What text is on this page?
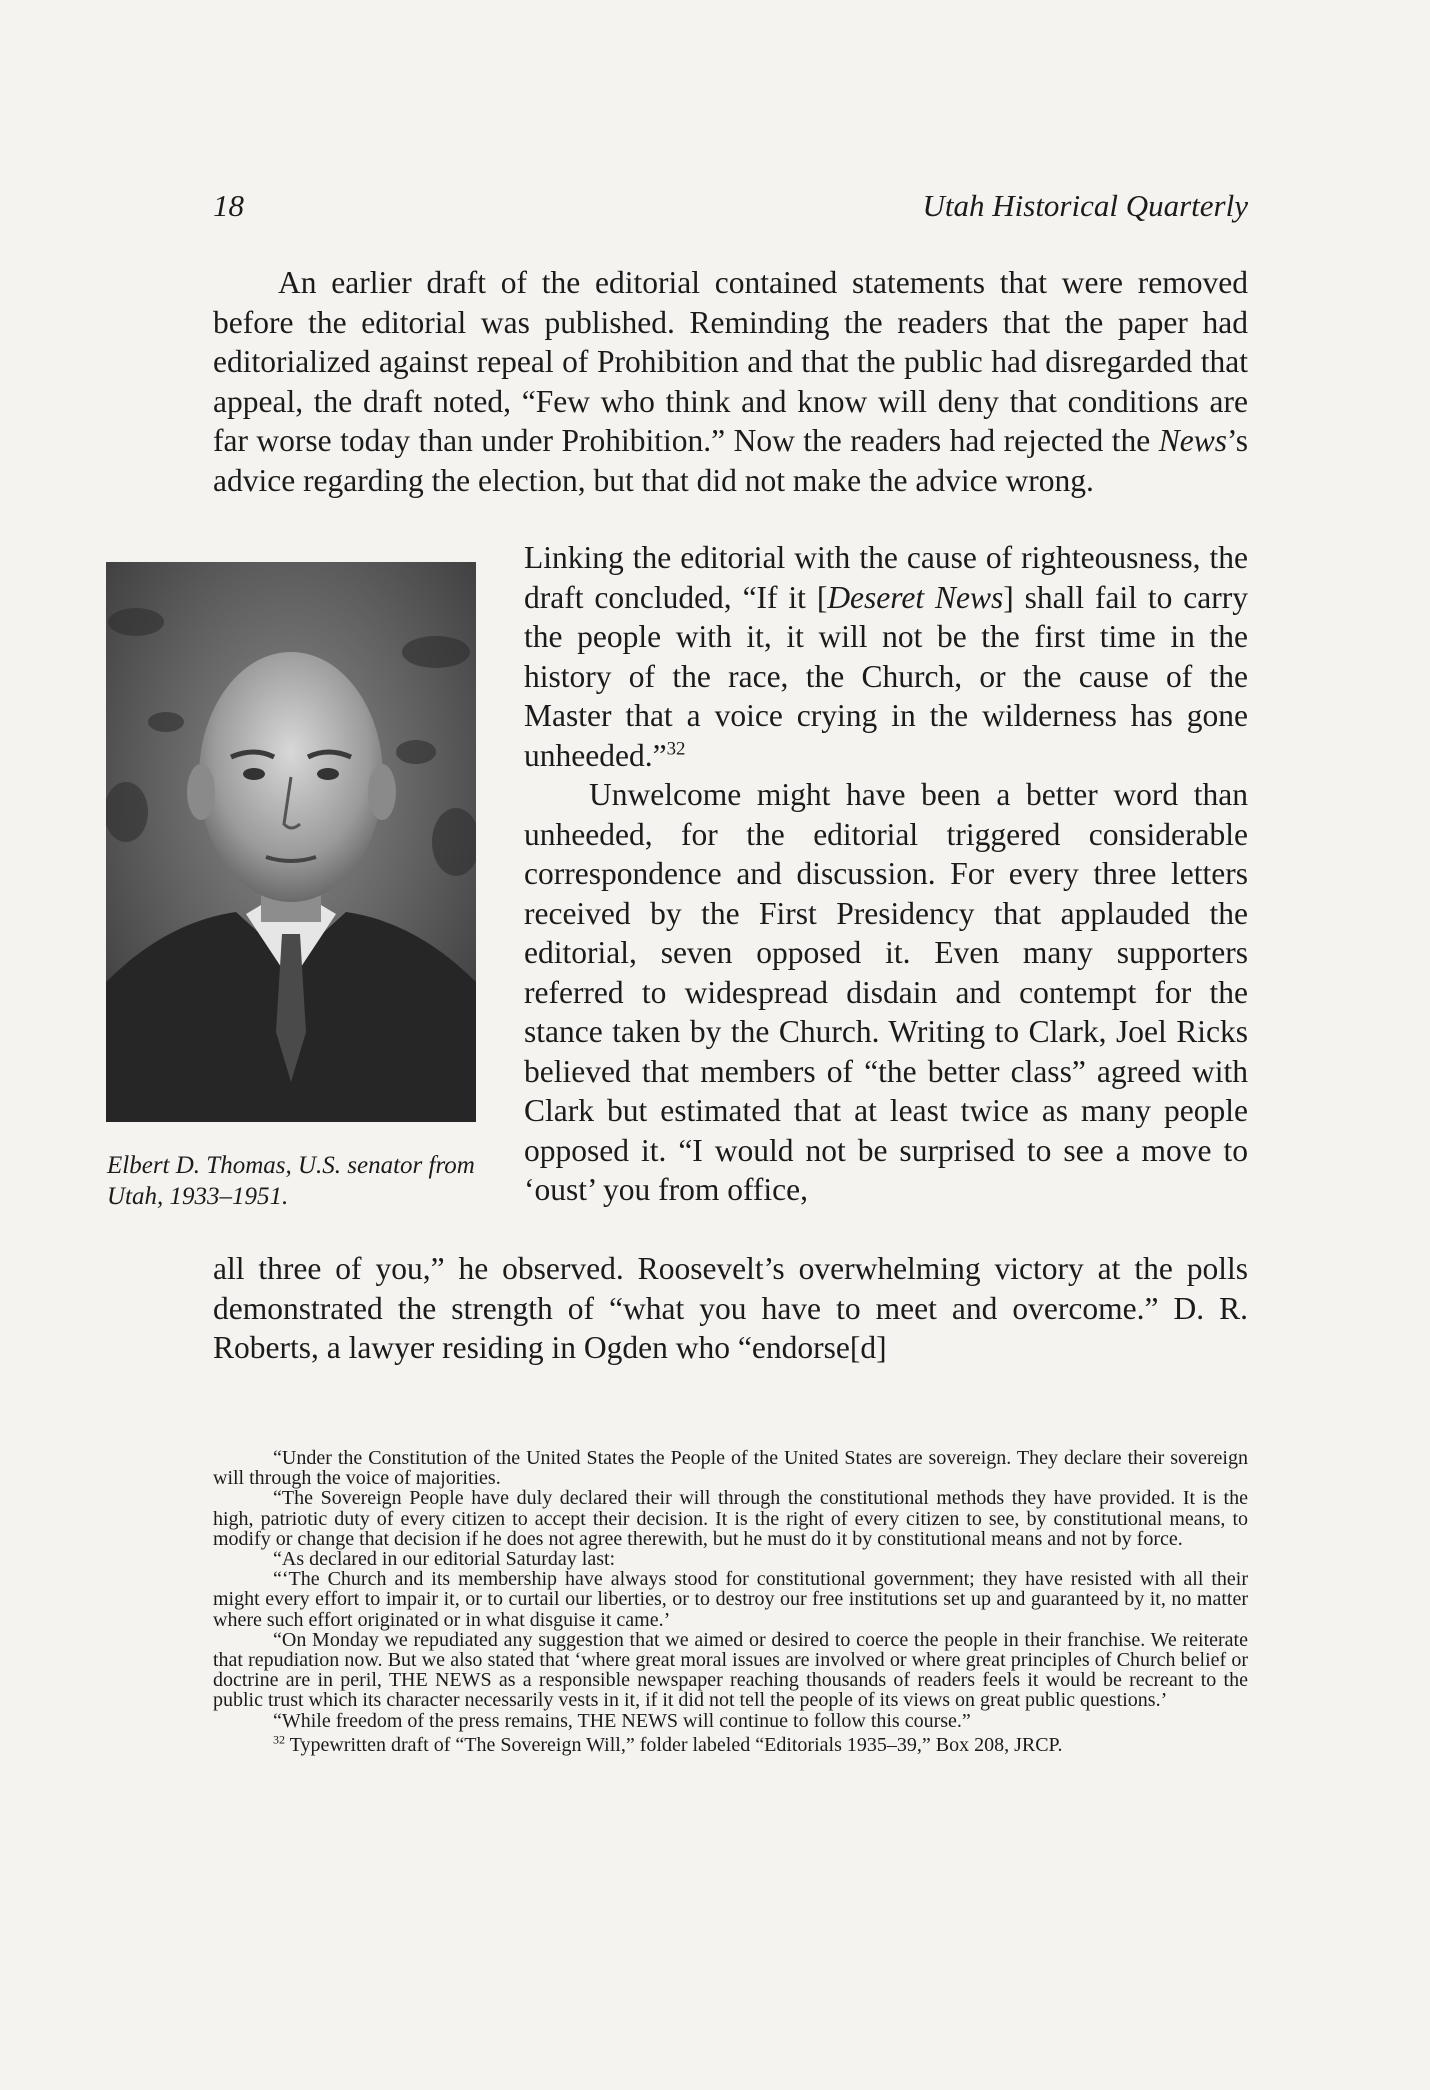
18	Utah Historical Quarterly

An earlier draft of the editorial contained statements that were removed before the editorial was published. Reminding the readers that the paper had editorialized against repeal of Prohibition and that the public had disregarded that appeal, the draft noted, “Few who think and know will deny that conditions are far worse today than under Prohibition.” Now the readers had rejected the News’s advice regarding the election, but that did not make the advice wrong.

Elbert D. Thomas, U.S. senator from Utah, 1933–1951.

Linking the editorial with the cause of righteousness, the draft concluded, “If it [Deseret News] shall fail to carry the people with it, it will not be the first time in the history of the race, the Church, or the cause of the Master that a voice crying in the wilderness has gone unheeded.”$^{32}$

Unwelcome might have been a better word than unheeded, for the editorial triggered considerable correspondence and discussion. For every three letters received by the First Presidency that applauded the editorial, seven opposed it. Even many supporters referred to widespread disdain and contempt for the stance taken by the Church. Writing to Clark, Joel Ricks believed that members of “the better class” agreed with Clark but estimated that at least twice as many people opposed it. “I would not be surprised to see a move to ‘oust’ you from office,

all three of you,” he observed. Roosevelt’s overwhelming victory at the polls demonstrated the strength of “what you have to meet and overcome.” D. R. Roberts, a lawyer residing in Ogden who “endorse[d]

“Under the Constitution of the United States the People of the United States are sovereign. They declare their sovereign will through the voice of majorities.

“The Sovereign People have duly declared their will through the constitutional methods they have provided. It is the high, patriotic duty of every citizen to accept their decision. It is the right of every citizen to see, by constitutional means, to modify or change that decision if he does not agree therewith, but he must do it by constitutional means and not by force.

“As declared in our editorial Saturday last:

“‘The Church and its membership have always stood for constitutional government; they have resisted with all their might every effort to impair it, or to curtail our liberties, or to destroy our free institutions set up and guaranteed by it, no matter where such effort originated or in what disguise it came.’

“On Monday we repudiated any suggestion that we aimed or desired to coerce the people in their franchise. We reiterate that repudiation now. But we also stated that ‘where great moral issues are involved or where great principles of Church belief or doctrine are in peril, THE NEWS as a responsible newspaper reaching thousands of readers feels it would be recreant to the public trust which its character necessarily vests in it, if it did not tell the people of its views on great public questions.’

“While freedom of the press remains, THE NEWS will continue to follow this course.”

$^{32}$ Typewritten draft of “The Sovereign Will,” folder labeled “Editorials 1935–39,” Box 208, JRCP.
